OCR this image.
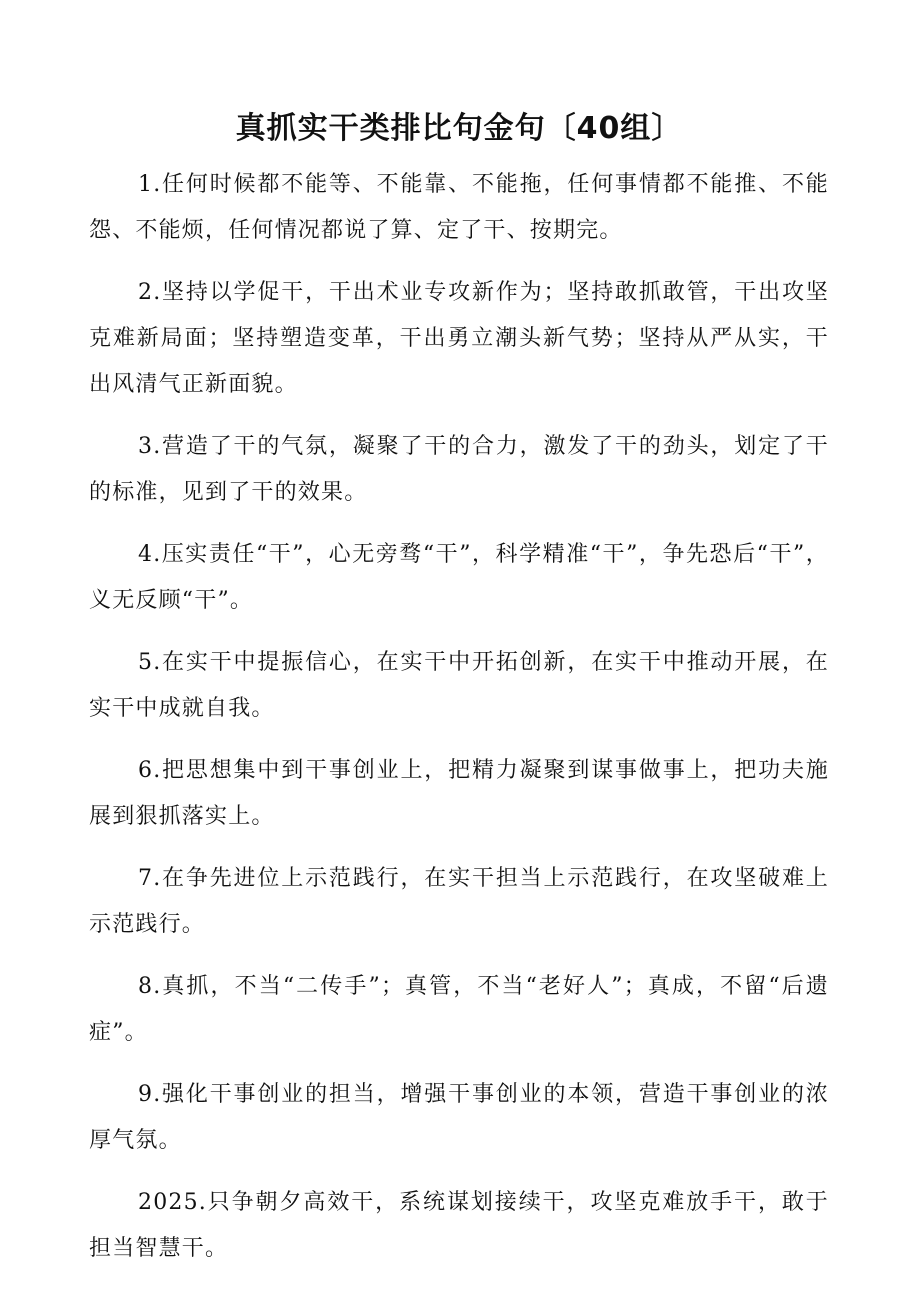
真抓实干类排比句金句〔40组〕

1.任何时候都不能等、不能靠、不能拖，任何事情都不能推、不能怨、不能烦，任何情况都说了算、定了干、按期完。

2.坚持以学促干，干出术业专攻新作为；坚持敢抓敢管，干出攻坚克难新局面；坚持塑造变革，干出勇立潮头新气势；坚持从严从实，干出风清气正新面貌。

3.营造了干的气氛，凝聚了干的合力，激发了干的劲头，划定了干的标准，见到了干的效果。

4.压实责任“干”，心无旁骛“干”，科学精准“干”，争先恐后“干”，义无反顾“干”。

5.在实干中提振信心，在实干中开拓创新，在实干中推动开展，在实干中成就自我。

6.把思想集中到干事创业上，把精力凝聚到谋事做事上，把功夫施展到狠抓落实上。

7.在争先进位上示范践行，在实干担当上示范践行，在攻坚破难上示范践行。

8.真抓，不当“二传手”；真管，不当“老好人”；真成，不留“后遗症”。

9.强化干事创业的担当，增强干事创业的本领，营造干事创业的浓厚气氛。

2025.只争朝夕高效干，系统谋划接续干，攻坚克难放手干，敢于担当智慧干。
